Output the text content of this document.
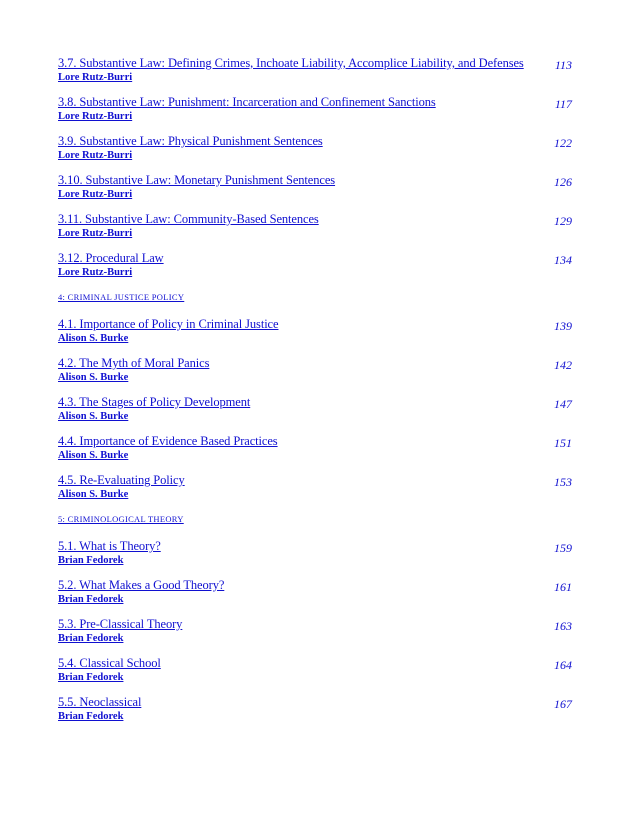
3.7. Substantive Law: Defining Crimes, Inchoate Liability, Accomplice Liability, and Defenses
Lore Rutz-Burri
113
3.8. Substantive Law: Punishment: Incarceration and Confinement Sanctions
Lore Rutz-Burri
117
3.9. Substantive Law: Physical Punishment Sentences
Lore Rutz-Burri
122
3.10. Substantive Law: Monetary Punishment Sentences
Lore Rutz-Burri
126
3.11. Substantive Law: Community-Based Sentences
Lore Rutz-Burri
129
3.12. Procedural Law
Lore Rutz-Burri
134
4: CRIMINAL JUSTICE POLICY
4.1. Importance of Policy in Criminal Justice
Alison S. Burke
139
4.2. The Myth of Moral Panics
Alison S. Burke
142
4.3. The Stages of Policy Development
Alison S. Burke
147
4.4. Importance of Evidence Based Practices
Alison S. Burke
151
4.5. Re-Evaluating Policy
Alison S. Burke
153
5: CRIMINOLOGICAL THEORY
5.1. What is Theory?
Brian Fedorek
159
5.2. What Makes a Good Theory?
Brian Fedorek
161
5.3. Pre-Classical Theory
Brian Fedorek
163
5.4. Classical School
Brian Fedorek
164
5.5. Neoclassical
Brian Fedorek
167
